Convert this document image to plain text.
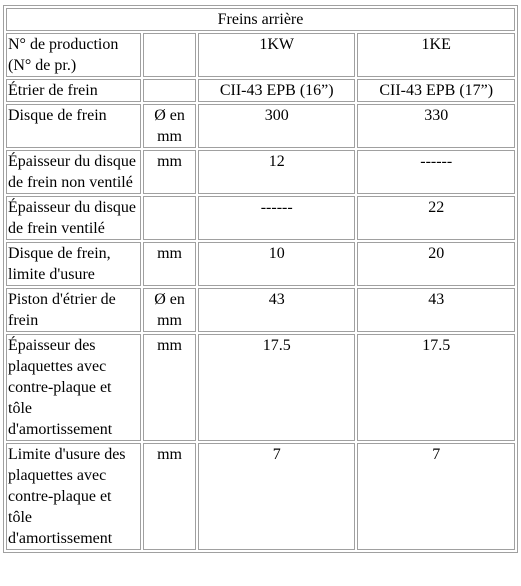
Freins arrière			
N° de production (N° de pr.)		1KW	1KE
Étrier de frein		CII-43 EPB (16”)	CII-43 EPB (17”)
Disque de frein	Ø en mm	300	330
Épaisseur du disque de frein non ventilé	mm	12	------
Épaisseur du disque de frein ventilé		------	22
Disque de frein, limite d'usure	mm	10	20
Piston d'étrier de frein	Ø en mm	43	43
Épaisseur des plaquettes avec contre-plaque et tôle d'amortissement	mm	17.5	17.5
Limite d'usure des plaquettes avec contre-plaque et tôle d'amortissement	mm	7	7
